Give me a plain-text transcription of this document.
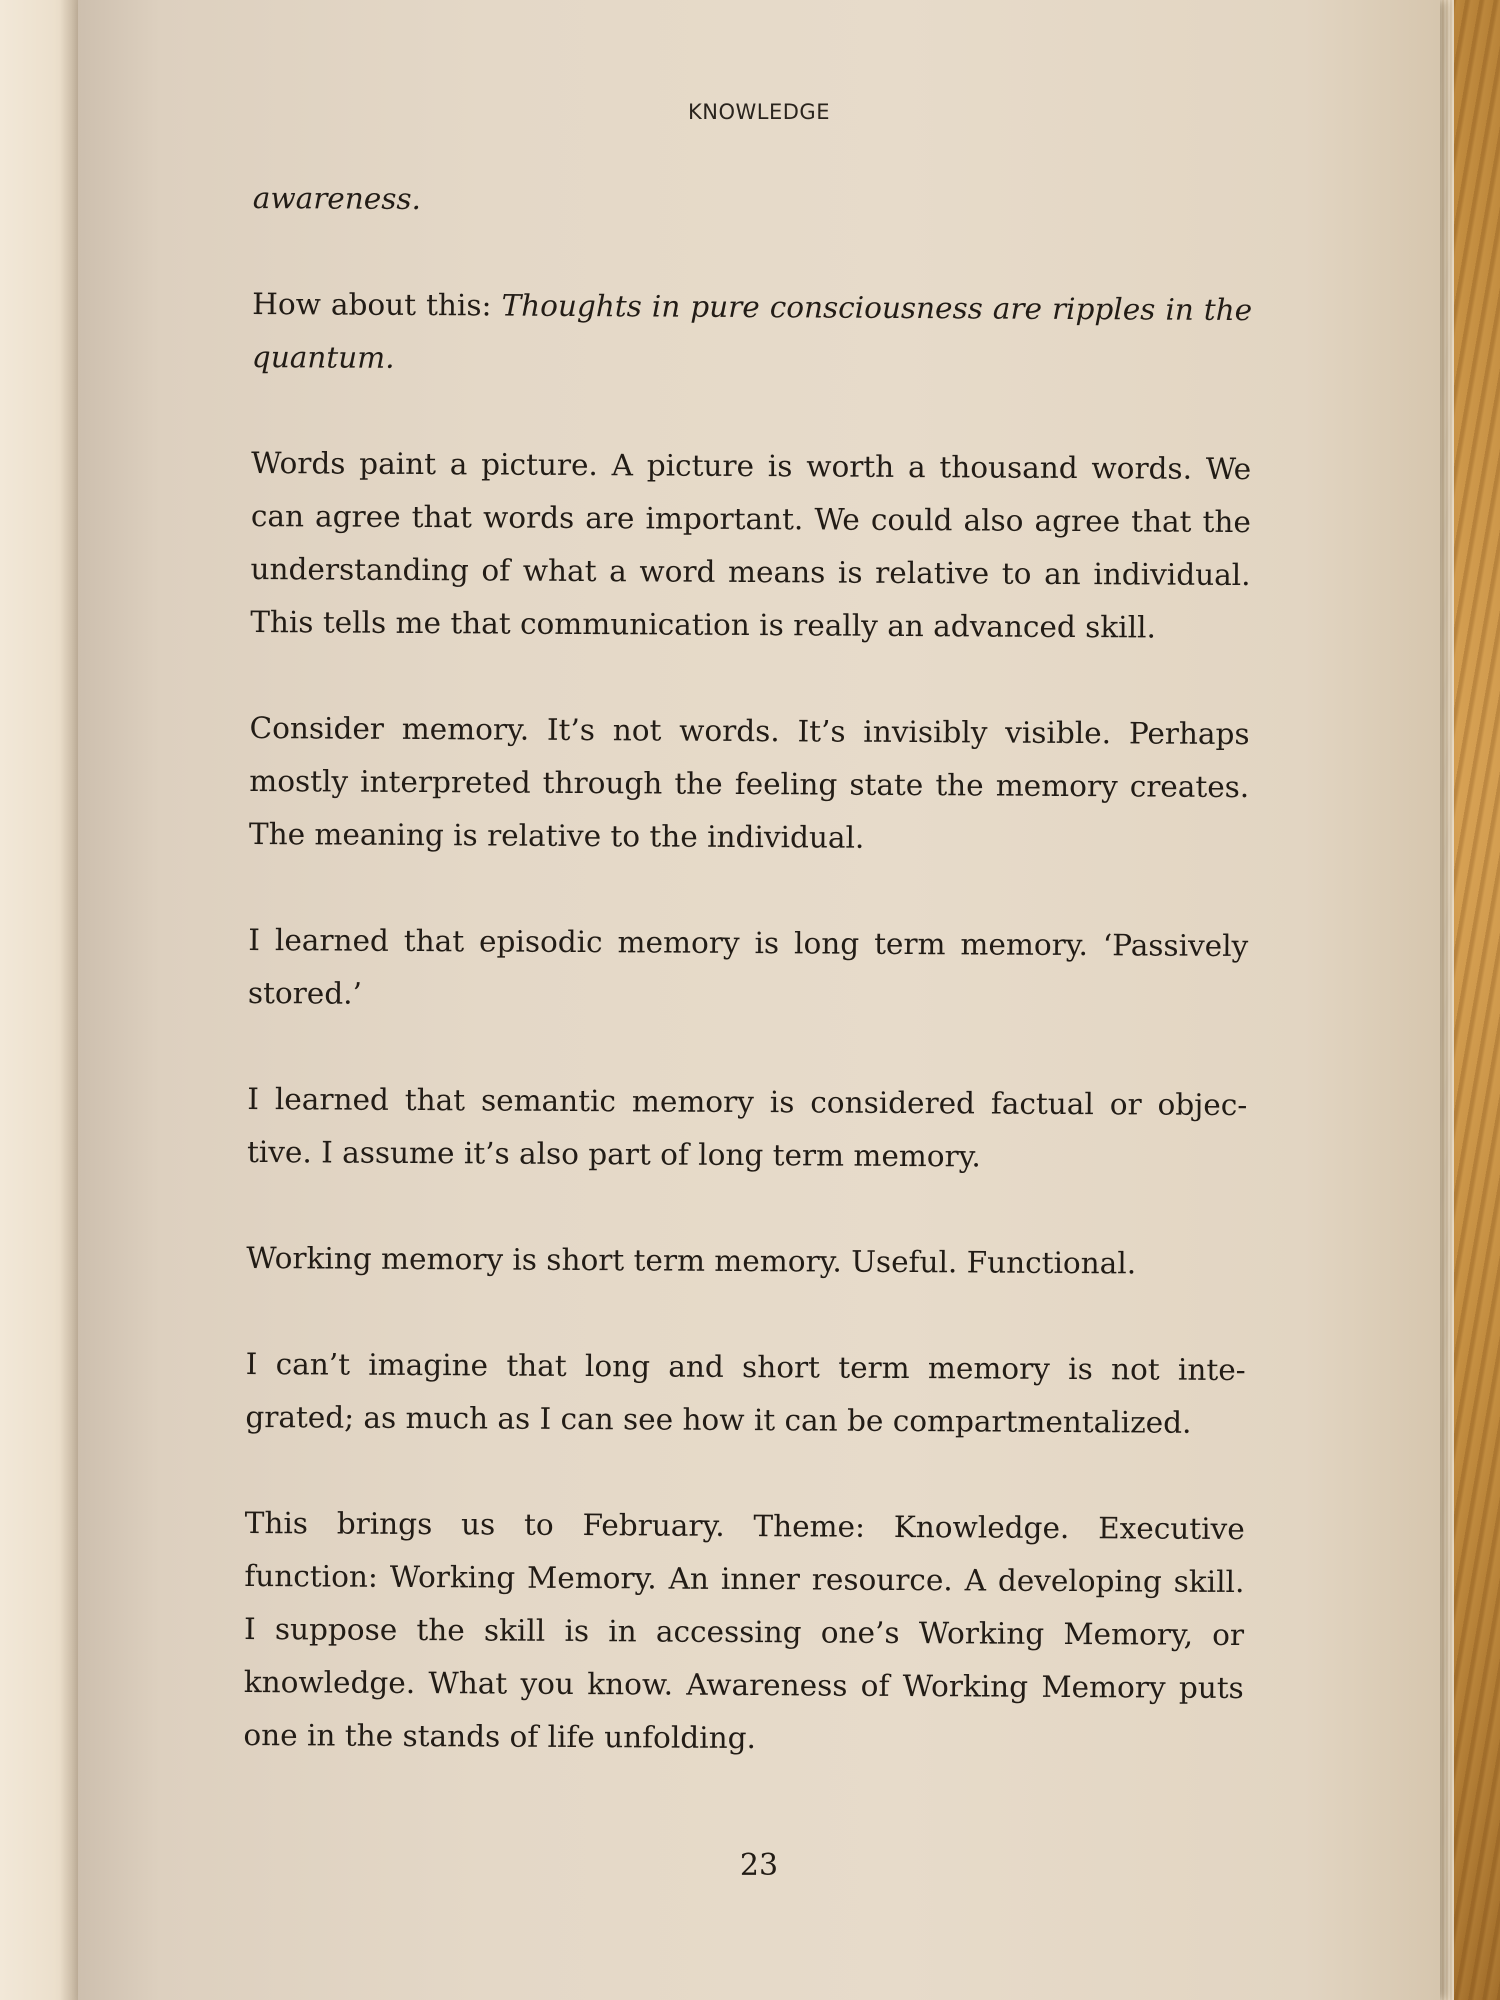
KNOWLEDGE

awareness.

How about this: Thoughts in pure consciousness are ripples in the quantum.

Words paint a picture. A picture is worth a thousand words. We can agree that words are important. We could also agree that the understanding of what a word means is relative to an individual. This tells me that communication is really an advanced skill.

Consider memory. It’s not words. It’s invisibly visible. Perhaps mostly interpreted through the feeling state the memory creates. The meaning is relative to the individual.

I learned that episodic memory is long term memory. ‘Passively stored.’

I learned that semantic memory is considered factual or objec-tive. I assume it’s also part of long term memory.

Working memory is short term memory. Useful. Functional.

I can’t imagine that long and short term memory is not inte-grated; as much as I can see how it can be compartmentalized.

This brings us to February. Theme: Knowledge. Executive function: Working Memory. An inner resource. A developing skill. I suppose the skill is in accessing one’s Working Memory, or knowledge. What you know. Awareness of Working Memory puts one in the stands of life unfolding.

23
